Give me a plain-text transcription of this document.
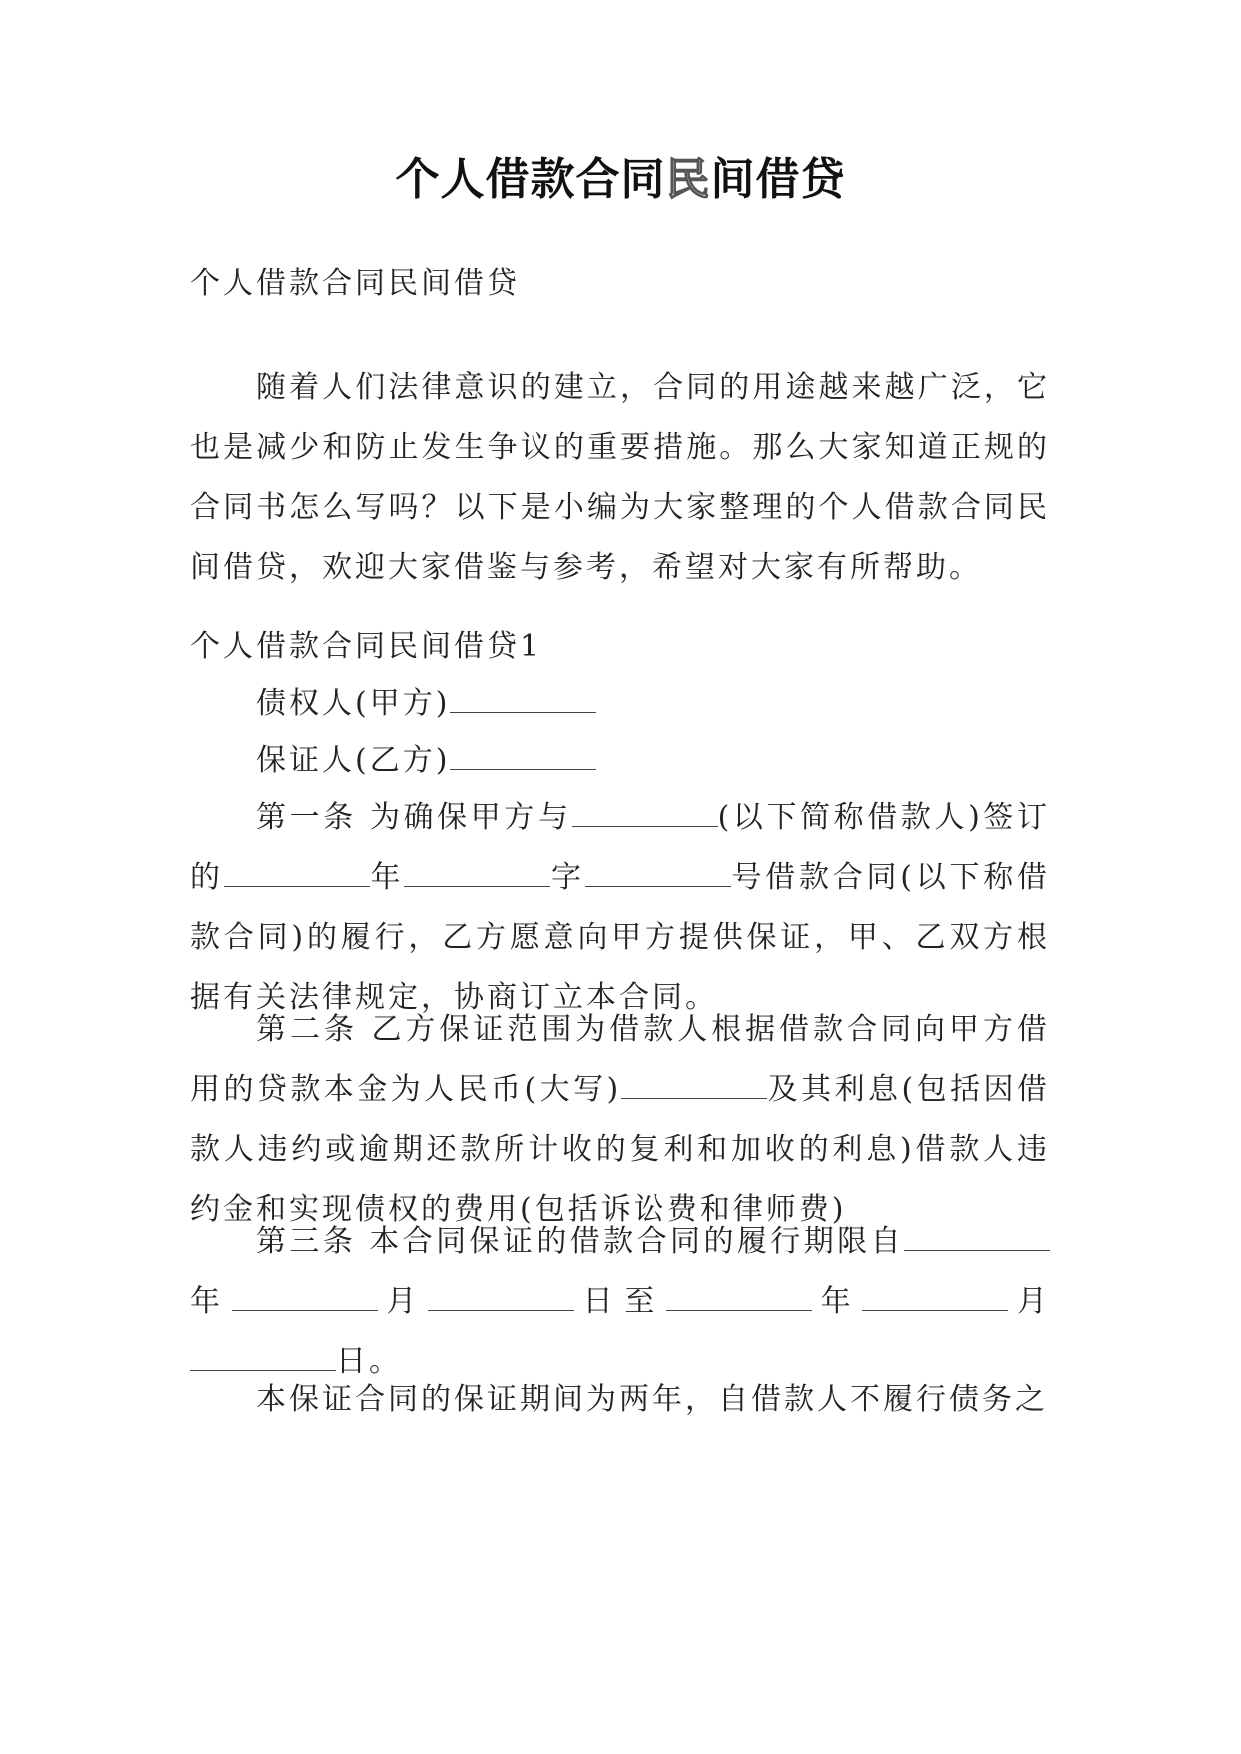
个人借款合同民间借贷
个人借款合同民间借贷
随着人们法律意识的建立，合同的用途越来越广泛，它也是减少和防止发生争议的重要措施。那么大家知道正规的合同书怎么写吗？以下是小编为大家整理的个人借款合同民间借贷，欢迎大家借鉴与参考，希望对大家有所帮助。
个人借款合同民间借贷1
债权人(甲方)
保证人(乙方)
第一条 为确保甲方与	(以下简称借款人)签订的	年	字	号借款合同(以下称借款合同)的履行，乙方愿意向甲方提供保证，甲、乙双方根据有关法律规定，协商订立本合同。
第二条 乙方保证范围为借款人根据借款合同向甲方借用的贷款本金为人民币(大写)	及其利息(包括因借款人违约或逾期还款所计收的复利和加收的利息)借款人违约金和实现债权的费用(包括诉讼费和律师费)
第三条 本合同保证的借款合同的履行期限自年	月	日至	年	月日。
本保证合同的保证期间为两年，自借款人不履行债务之
